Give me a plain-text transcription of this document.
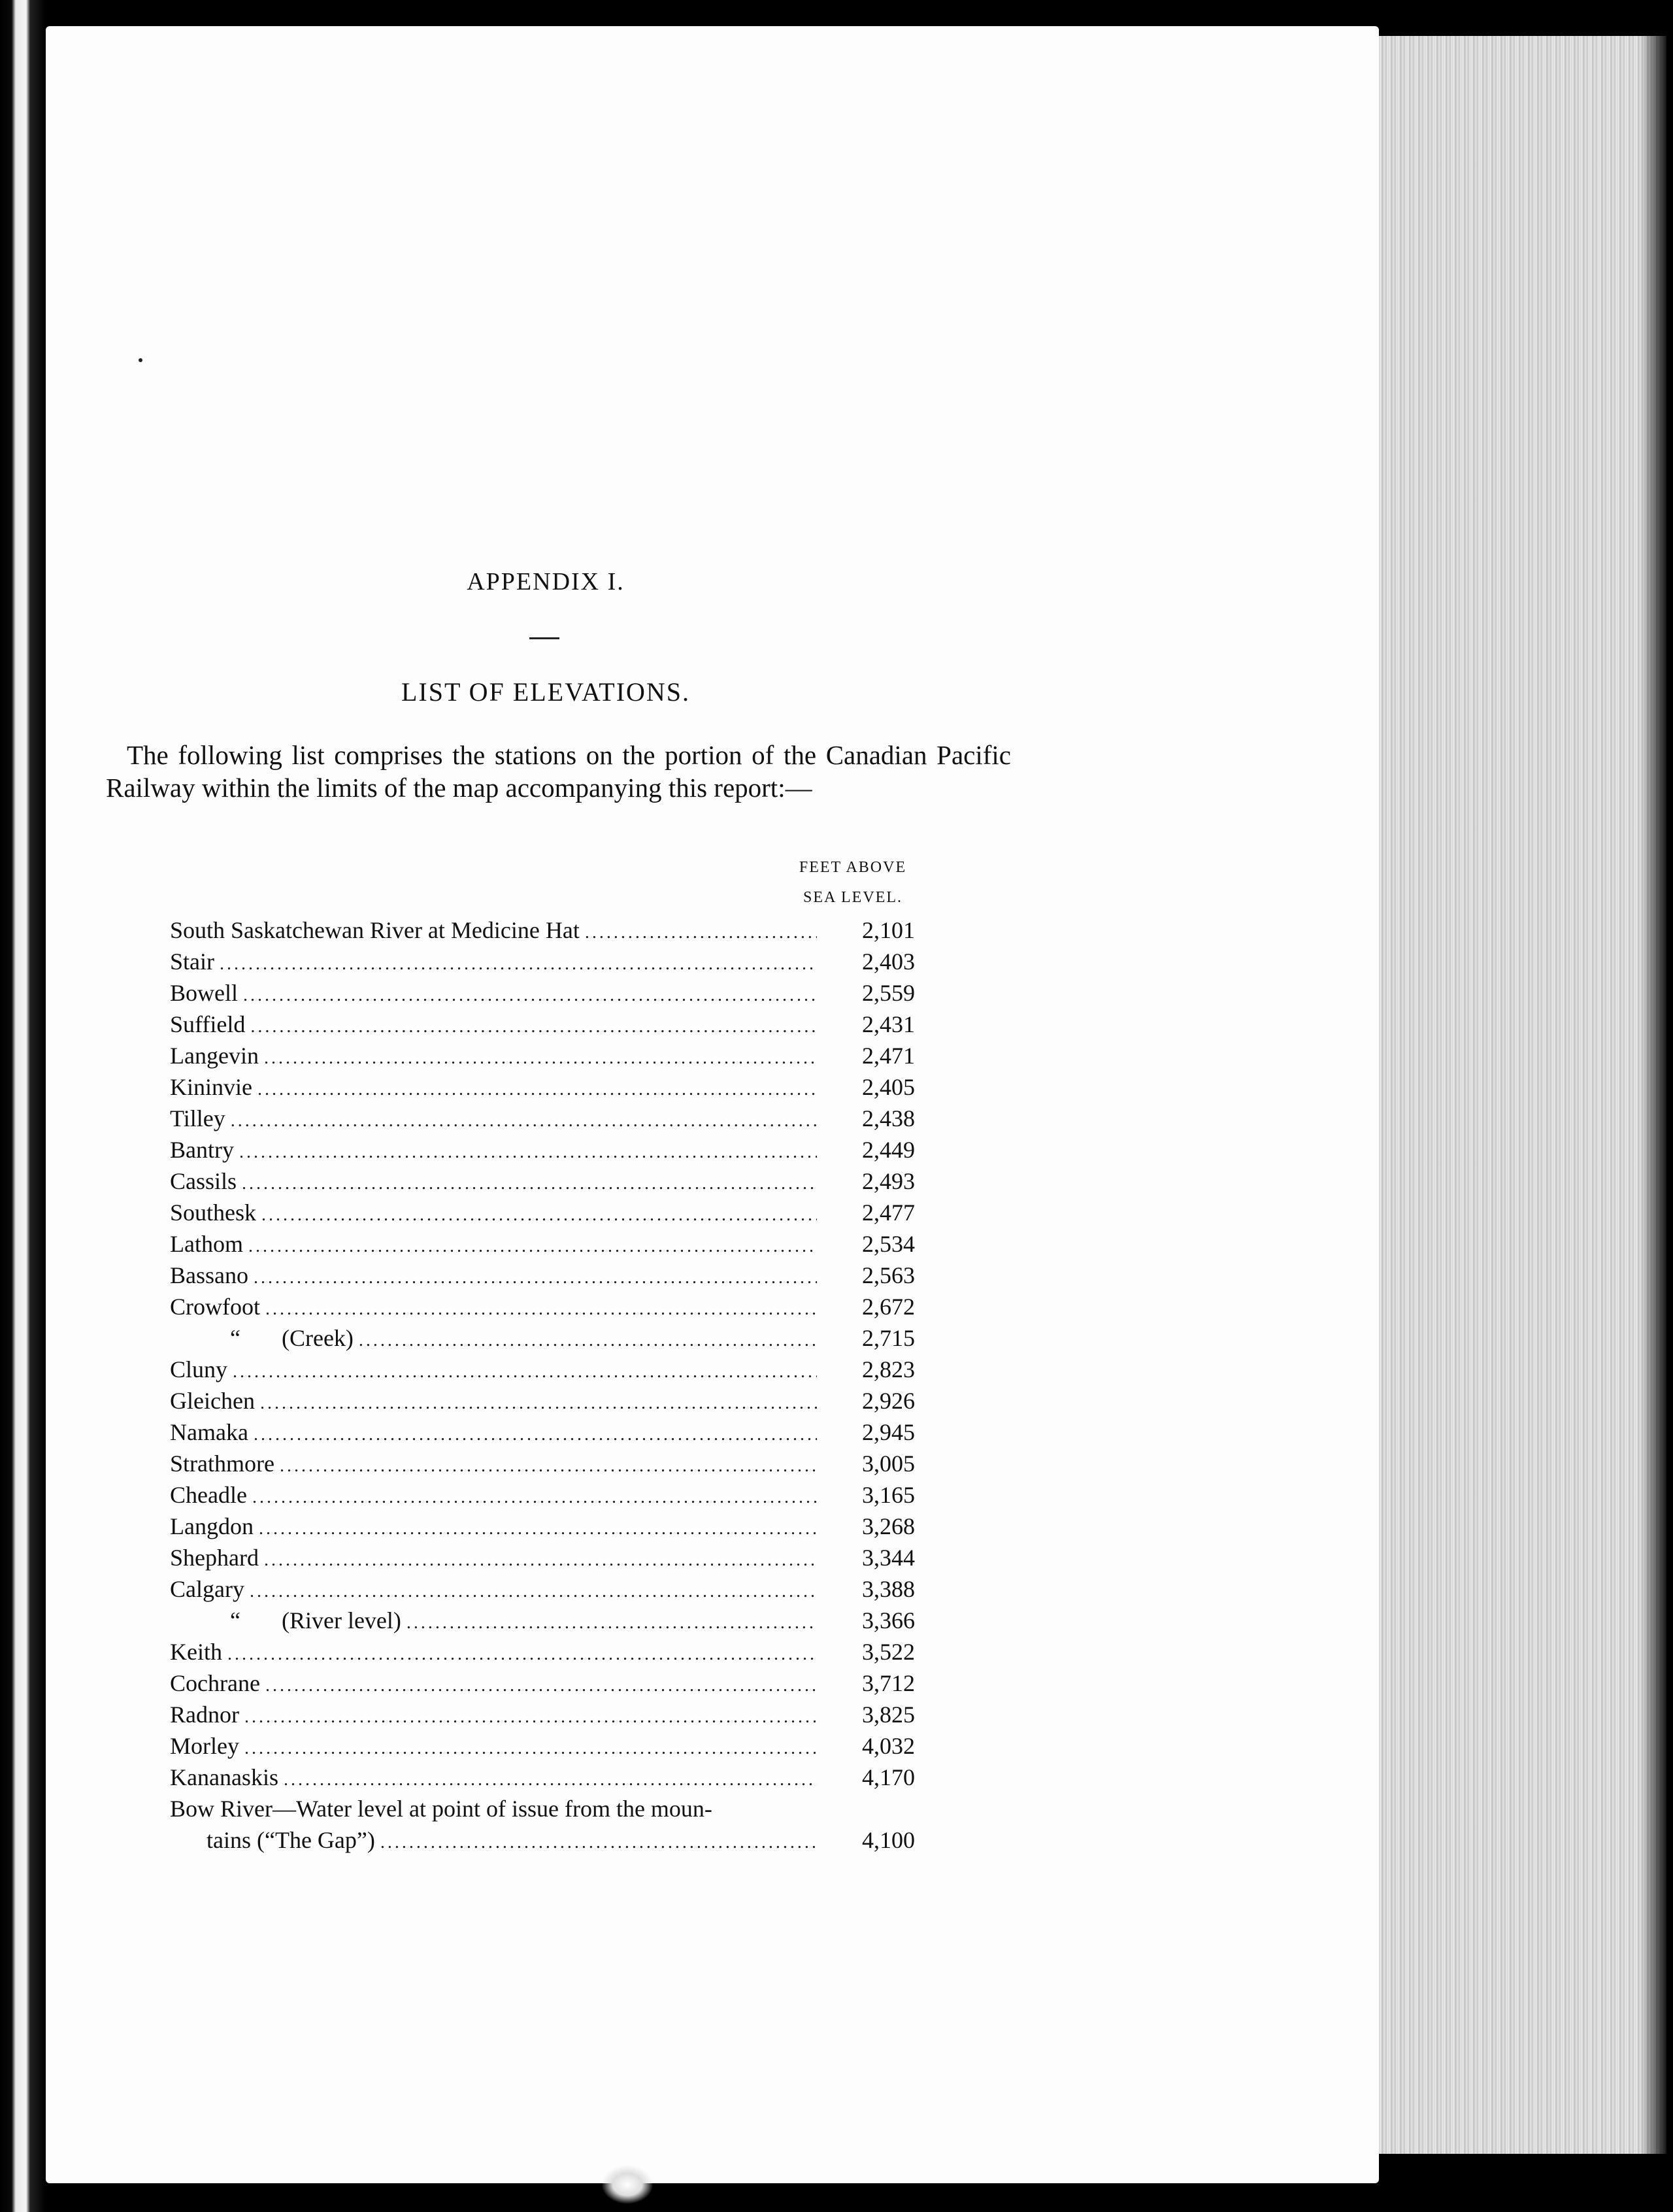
APPENDIX I.
LIST OF ELEVATIONS.

The following list comprises the stations on the portion of the Canadian Pacific Railway within the limits of the map accompanying this report:—

FEET ABOVE
SEA LEVEL.
South Saskatchewan River at Medicine Hat .....	2,101
Stair .....	2,403
Bowell .....	2,559
Suffield .....	2,431
Langevin .....	2,471
Kininvie .....	2,405
Tilley .....	2,438
Bantry .....	2,449
Cassils .....	2,493
Southesk .....	2,477
Lathom .....	2,534
Bassano .....	2,563
Crowfoot .....	2,672
“       (Creek) .....	2,715
Cluny .....	2,823
Gleichen .....	2,926
Namaka .....	2,945
Strathmore .....	3,005
Cheadle .....	3,165
Langdon .....	3,268
Shephard .....	3,344
Calgary .....	3,388
“       (River level) .....	3,366
Keith .....	3,522
Cochrane .....	3,712
Radnor .....	3,825
Morley .....	4,032
Kananaskis .....	4,170
Bow River—Water level at point of issue from the moun-
tains (“The Gap”) .....	4,100
